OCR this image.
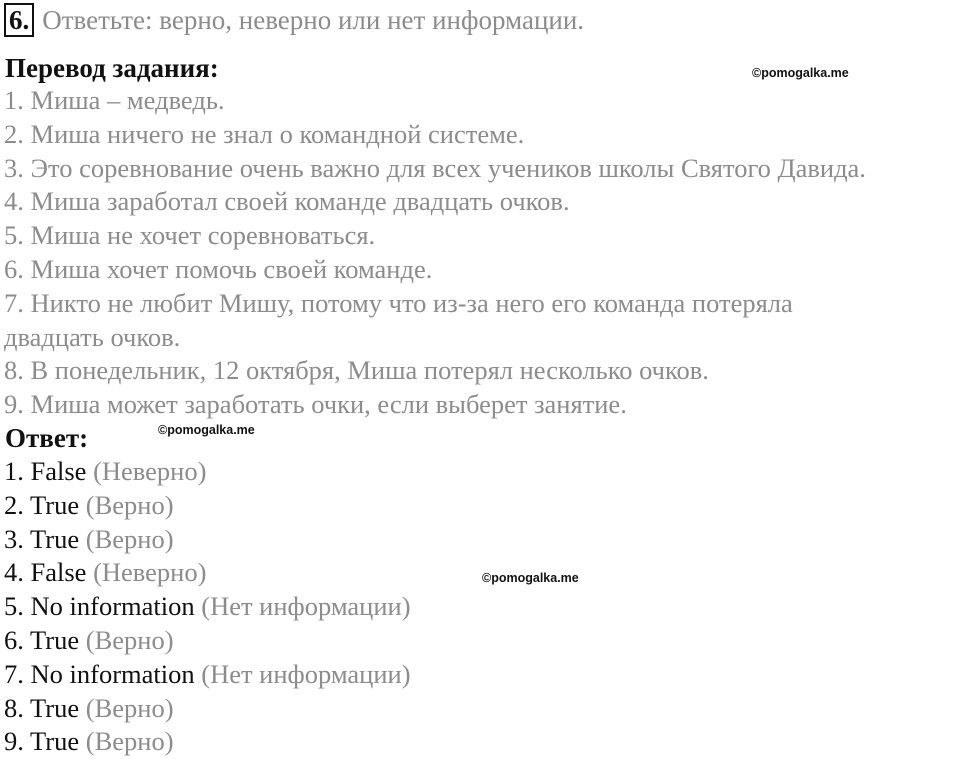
6. Ответьте: верно, неверно или нет информации.
Перевод задания:
1. Миша – медведь.
2. Миша ничего не знал о командной системе.
3. Это соревнование очень важно для всех учеников школы Святого Давида.
4. Миша заработал своей команде двадцать очков.
5. Миша не хочет соревноваться.
6. Миша хочет помочь своей команде.
7. Никто не любит Мишу, потому что из-за него его команда потеряла
двадцать очков.
8. В понедельник, 12 октября, Миша потерял несколько очков.
9. Миша может заработать очки, если выберет занятие.
Ответ:
1. False (Неверно)
2. True (Верно)
3. True (Верно)
4. False (Неверно)
5. No information (Нет информации)
6. True (Верно)
7. No information (Нет информации)
8. True (Верно)
9. True (Верно)
©pomogalka.me
©pomogalka.me
©pomogalka.me
